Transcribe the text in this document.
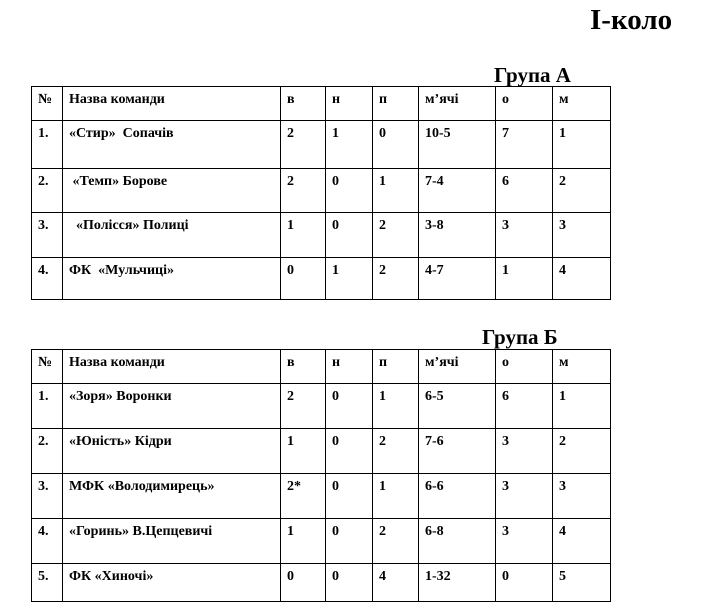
І-коло
Група А
№	Назва команди	в	н	п	м’ячі	о	м
1.	«Стир»  Сопачів	2	1	0	10-5	7	1
2.	«Темп» Борове	2	0	1	7-4	6	2
3.	«Полісся» Полиці	1	0	2	3-8	3	3
4.	ФК  «Мульчиці»	0	1	2	4-7	1	4
Група Б
№	Назва команди	в	н	п	м’ячі	о	м
1.	«Зоря» Воронки	2	0	1	6-5	6	1
2.	«Юність» Кідри	1	0	2	7-6	3	2
3.	МФК «Володимирець»	2*	0	1	6-6	3	3
4.	«Горинь» В.Цепцевичі	1	0	2	6-8	3	4
5.	ФК «Хиночі»	0	0	4	1-32	0	5
